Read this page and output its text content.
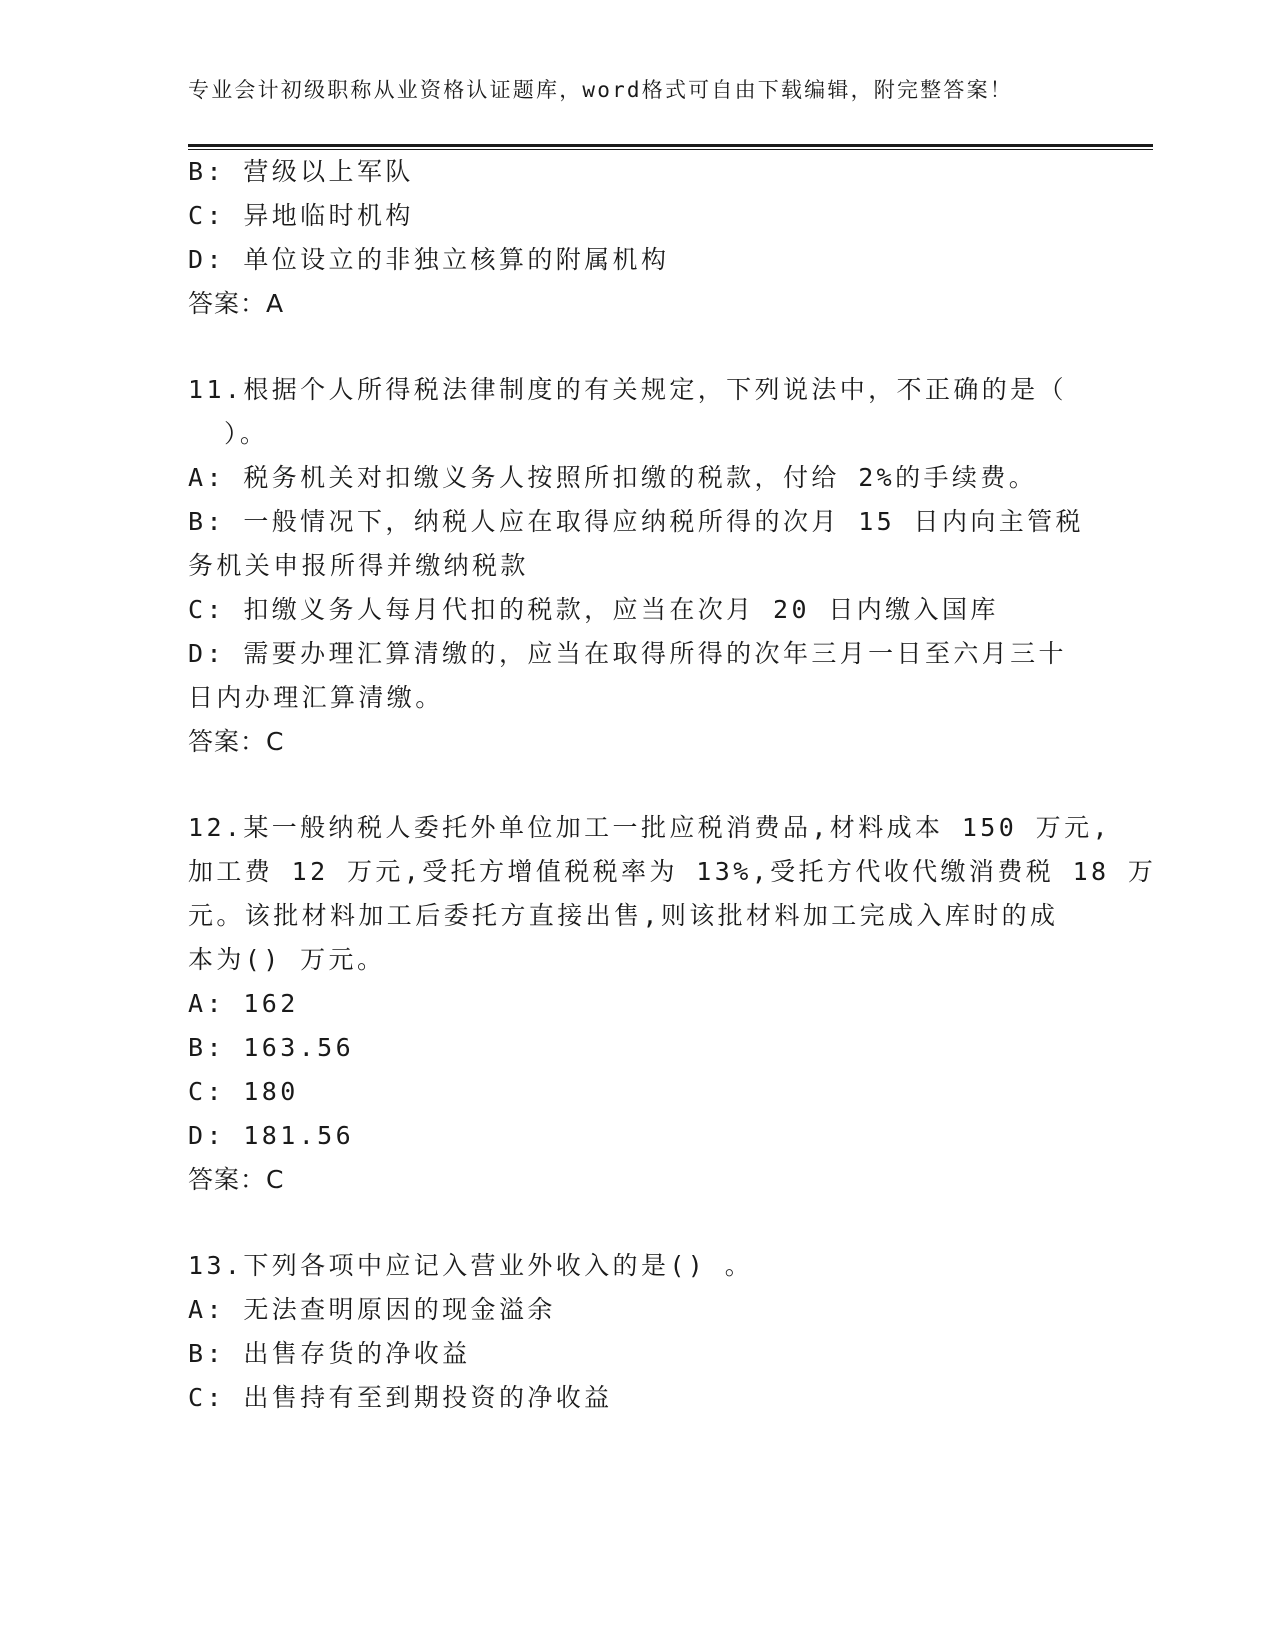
专业会计初级职称从业资格认证题库，word格式可自由下载编辑，附完整答案！
B: 营级以上军队
C: 异地临时机构
D: 单位设立的非独立核算的附属机构
答案：A
11.根据个人所得税法律制度的有关规定，下列说法中，不正确的是（
）。
A: 税务机关对扣缴义务人按照所扣缴的税款，付给 2%的手续费。
B: 一般情况下，纳税人应在取得应纳税所得的次月 15 日内向主管税
务机关申报所得并缴纳税款
C: 扣缴义务人每月代扣的税款，应当在次月 20 日内缴入国库
D: 需要办理汇算清缴的，应当在取得所得的次年三月一日至六月三十
日内办理汇算清缴。
答案：C
12.某一般纳税人委托外单位加工一批应税消费品,材料成本 150 万元,
加工费 12 万元,受托方增值税税率为 13%,受托方代收代缴消费税 18 万
元。该批材料加工后委托方直接出售,则该批材料加工完成入库时的成
本为() 万元。
A: 162
B: 163.56
C: 180
D: 181.56
答案：C
13.下列各项中应记入营业外收入的是() 。
A: 无法查明原因的现金溢余
B: 出售存货的净收益
C: 出售持有至到期投资的净收益
